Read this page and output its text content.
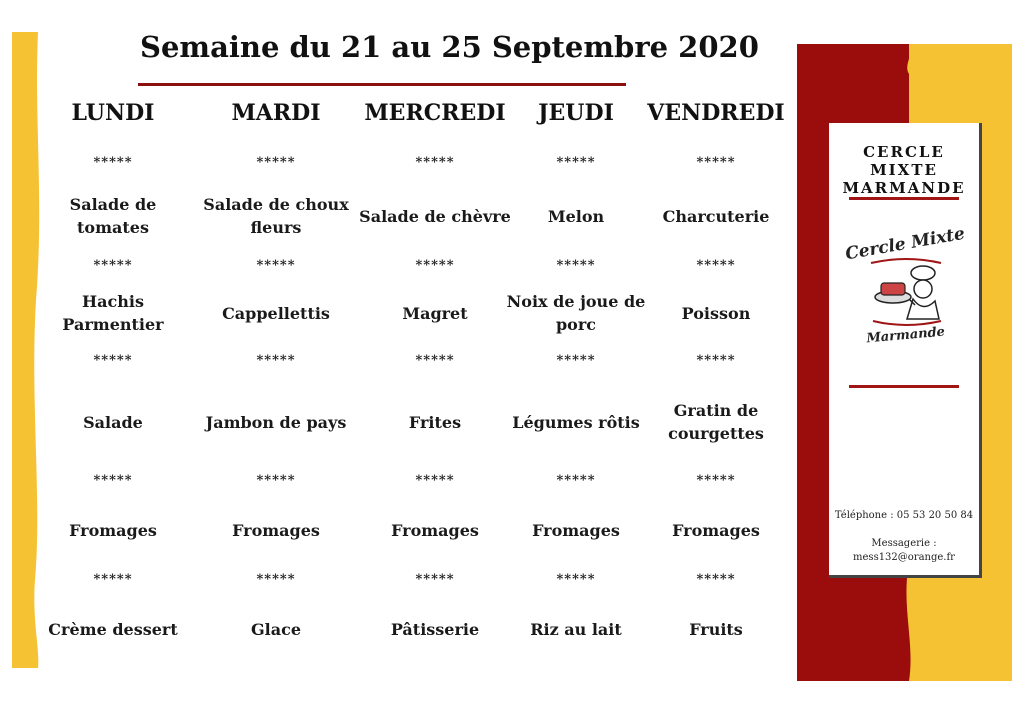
Semaine du 21 au 25 Septembre 2020
LUNDI
*****
Salade de tomates
*****
Hachis Parmentier
*****
Salade
*****
Fromages
*****
Crème dessert
MARDI
*****
Salade de choux fleurs
*****
Cappellettis
*****
Jambon de pays
*****
Fromages
*****
Glace
MERCREDI
*****
Salade de chèvre
*****
Magret
*****
Frites
*****
Fromages
*****
Pâtisserie
JEUDI
*****
Melon
*****
Noix de joue de porc
*****
Légumes rôtis
*****
Fromages
*****
Riz au lait
VENDREDI
*****
Charcuterie
*****
Poisson
*****
Gratin de courgettes
*****
Fromages
*****
Fruits
CERCLE MIXTE
MARMANDE
Cercle Mixte
Marmande
Téléphone : 05 53 20 50 84
Messagerie :
mess132@orange.fr
